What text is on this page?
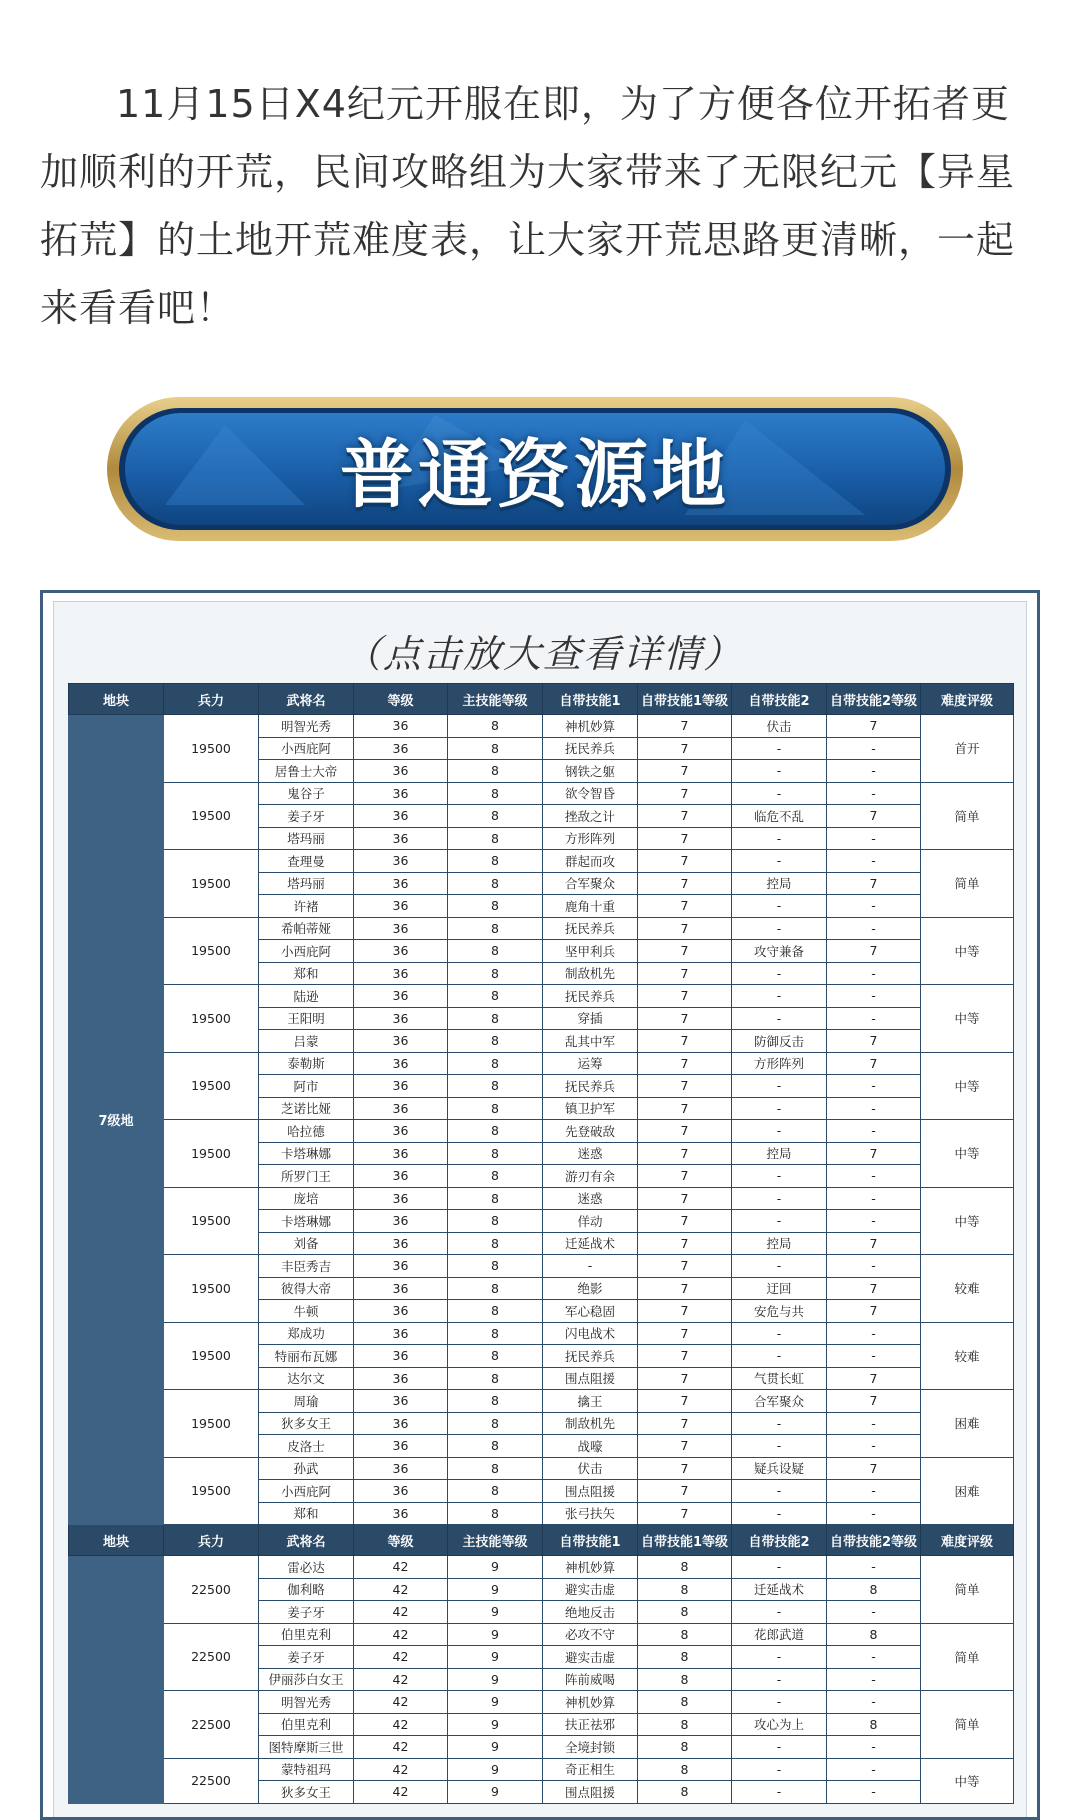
11月15日X4纪元开服在即，为了方便各位开拓者更加顺利的开荒，民间攻略组为大家带来了无限纪元【异星拓荒】的土地开荒难度表，让大家开荒思路更清晰，一起来看看吧！

普通资源地
（点击放大查看详情）
地块	兵力	武将名	等级	主技能等级	自带技能1	自带技能1等级	自带技能2	自带技能2等级	难度评级
7级地	19500	明智光秀	36	8	神机妙算	7	伏击	7	首开
		小西庇阿	36	8	抚民养兵	7	-	-	
		居鲁士大帝	36	8	钢铁之躯	7	-	-	
	19500	鬼谷子	36	8	欲令智昏	7	-	-	简单
		姜子牙	36	8	挫敌之计	7	临危不乱	7	
		塔玛丽	36	8	方形阵列	7	-	-	
	19500	查理曼	36	8	群起而攻	7	-	-	简单
		塔玛丽	36	8	合军聚众	7	控局	7	
		许褚	36	8	鹿角十重	7	-	-	
	19500	希帕蒂娅	36	8	抚民养兵	7	-	-	中等
		小西庇阿	36	8	坚甲利兵	7	攻守兼备	7	
		郑和	36	8	制敌机先	7	-	-	
	19500	陆逊	36	8	抚民养兵	7	-	-	中等
		王阳明	36	8	穿插	7	-	-	
		吕蒙	36	8	乱其中军	7	防御反击	7	
	19500	泰勒斯	36	8	运筹	7	方形阵列	7	中等
		阿市	36	8	抚民养兵	7	-	-	
		芝诺比娅	36	8	镇卫护军	7	-	-	
	19500	哈拉德	36	8	先登破敌	7	-	-	中等
		卡塔琳娜	36	8	迷惑	7	控局	7	
		所罗门王	36	8	游刃有余	7	-	-	
	19500	庞培	36	8	迷惑	7	-	-	中等
		卡塔琳娜	36	8	佯动	7	-	-	
		刘备	36	8	迁延战术	7	控局	7	
	19500	丰臣秀吉	36	8	-	7	-	-	较难
		彼得大帝	36	8	绝影	7	迂回	7	
		牛顿	36	8	军心稳固	7	安危与共	7	
	19500	郑成功	36	8	闪电战术	7	-	-	较难
		特丽布瓦娜	36	8	抚民养兵	7	-	-	
		达尔文	36	8	围点阻援	7	气贯长虹	7	
	19500	周瑜	36	8	擒王	7	合军聚众	7	困难
		狄多女王	36	8	制敌机先	7	-	-	
		皮洛士	36	8	战嚎	7	-	-	
	19500	孙武	36	8	伏击	7	疑兵设疑	7	困难
		小西庇阿	36	8	围点阻援	7	-	-	
		郑和	36	8	张弓扶矢	7	-	-	
地块	兵力	武将名	等级	主技能等级	自带技能1	自带技能1等级	自带技能2	自带技能2等级	难度评级
	22500	雷必达	42	9	神机妙算	8	-	-	简单
		伽利略	42	9	避实击虚	8	迁延战术	8	
		姜子牙	42	9	绝地反击	8	-	-	
	22500	伯里克利	42	9	必攻不守	8	花郎武道	8	简单
		姜子牙	42	9	避实击虚	8	-	-	
		伊丽莎白女王	42	9	阵前威喝	8	-	-	
	22500	明智光秀	42	9	神机妙算	8	-	-	简单
		伯里克利	42	9	扶正祛邪	8	攻心为上	8	
		图特摩斯三世	42	9	全境封锁	8	-	-	
	22500	蒙特祖玛	42	9	奇正相生	8	-	-	中等
		狄多女王	42	9	围点阻援	8	-	-	
